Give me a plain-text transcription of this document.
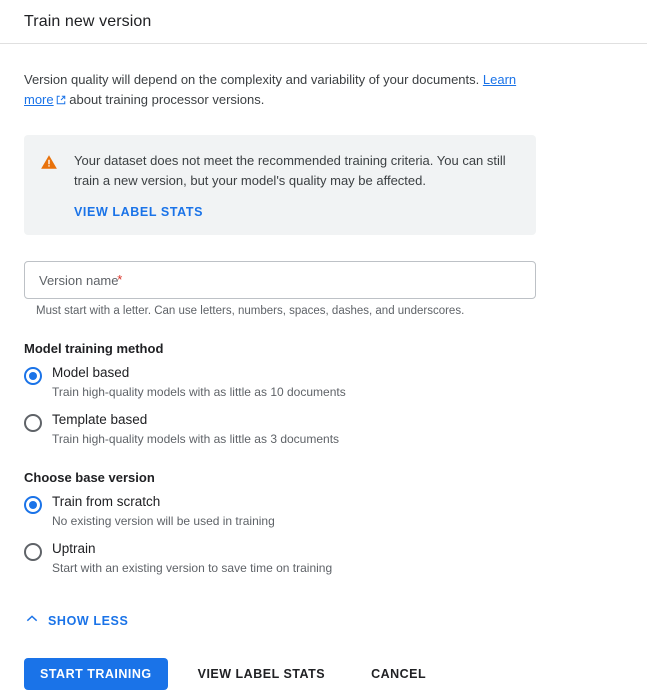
Train new version
Version quality will depend on the complexity and variability of your documents. Learn more about training processor versions.
Your dataset does not meet the recommended training criteria. You can still train a new version, but your model's quality may be affected.
VIEW LABEL STATS
Version name
Must start with a letter. Can use letters, numbers, spaces, dashes, and underscores.
*
Model training method
Model based
Train high-quality models with as little as 10 documents
Template based
Train high-quality models with as little as 3 documents
Choose base version
Train from scratch
No existing version will be used in training
Uptrain
Start with an existing version to save time on training
SHOW LESS
START TRAINING	VIEW LABEL STATS	CANCEL
